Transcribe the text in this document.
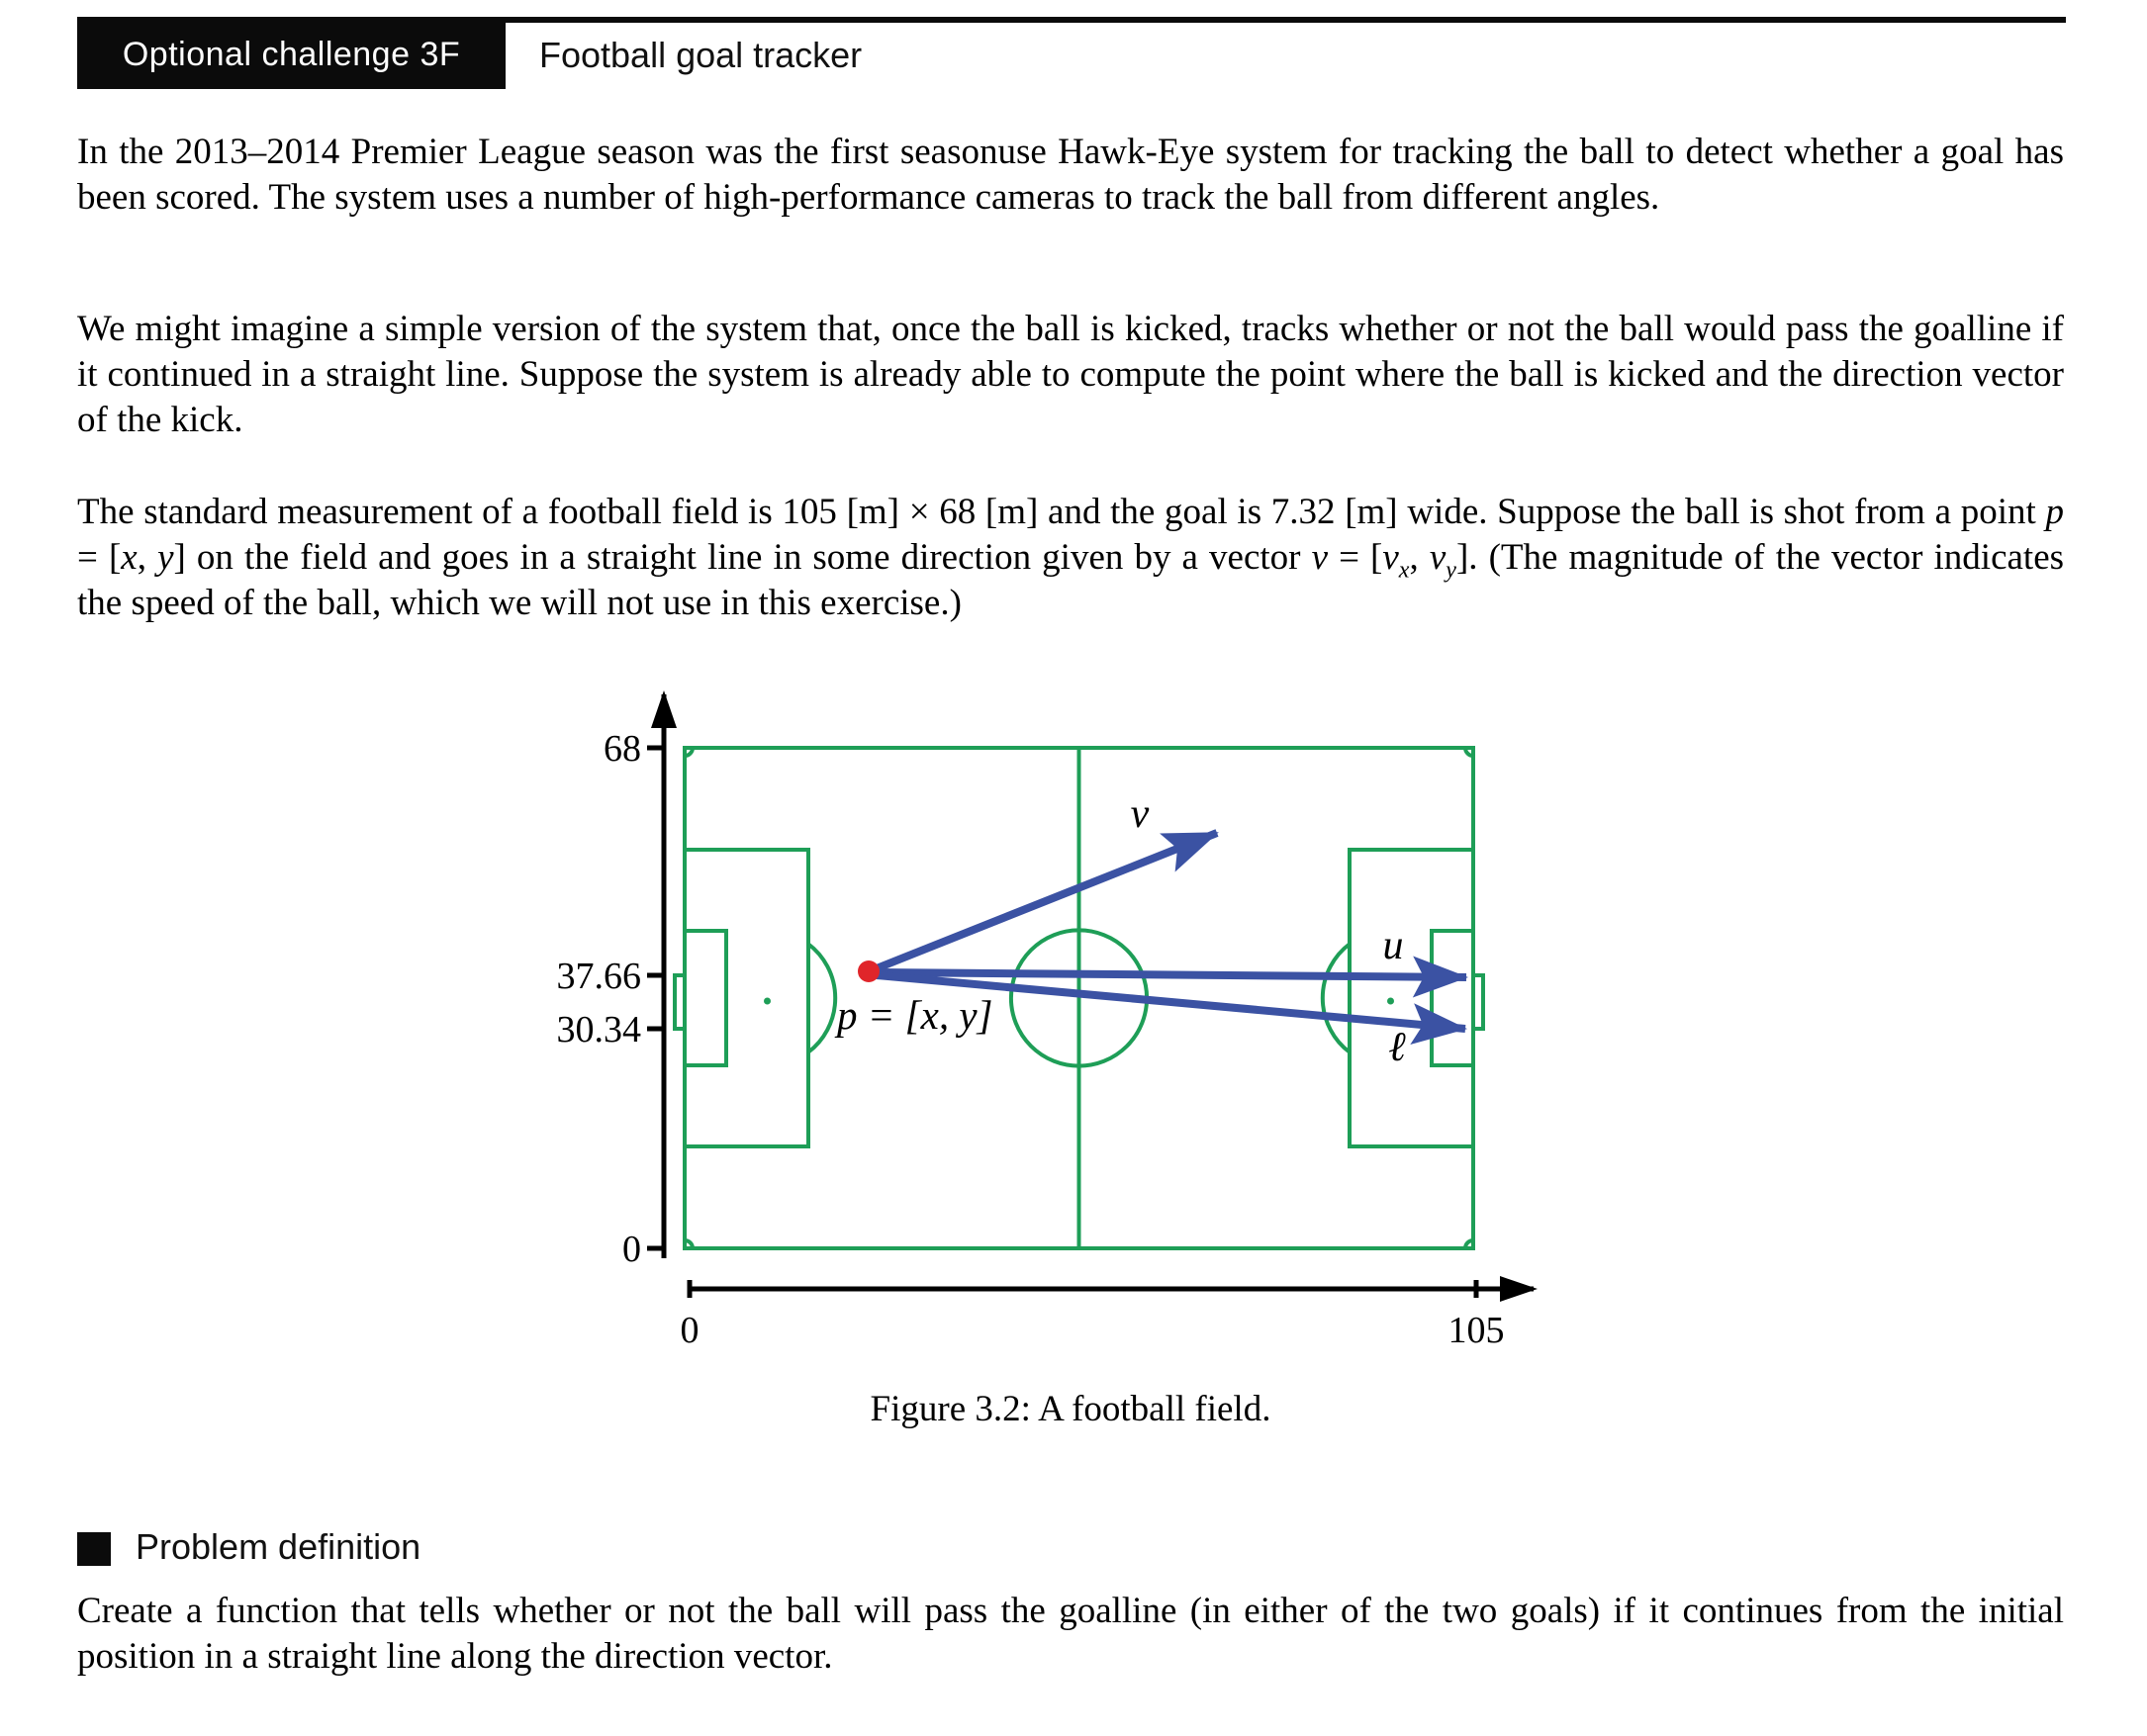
Optional challenge 3F Football goal tracker

In the 2013–2014 Premier League season was the first seasonuse Hawk-Eye system for tracking the ball to detect whether a goal has been scored. The system uses a number of high-performance cameras to track the ball from different angles.

We might imagine a simple version of the system that, once the ball is kicked, tracks whether or not the ball would pass the goalline if it continued in a straight line. Suppose the system is already able to compute the point where the ball is kicked and the direction vector of the kick.

The standard measurement of a football field is 105 [m] × 68 [m] and the goal is 7.32 [m] wide. Suppose the ball is shot from a point p = [x, y] on the field and goes in a straight line in some direction given by a vector $v = [v_x$, $v_y$]. (The magnitude of the vector indicates the speed of the ball, which we will not use in this exercise.)

68
37.66
30.34
0
0	105
v
u
ℓ
p = [x, y]
Figure 3.2: A football field.
Problem definition

Create a function that tells whether or not the ball will pass the goalline (in either of the two goals) if it continues from the initial position in a straight line along the direction vector.
